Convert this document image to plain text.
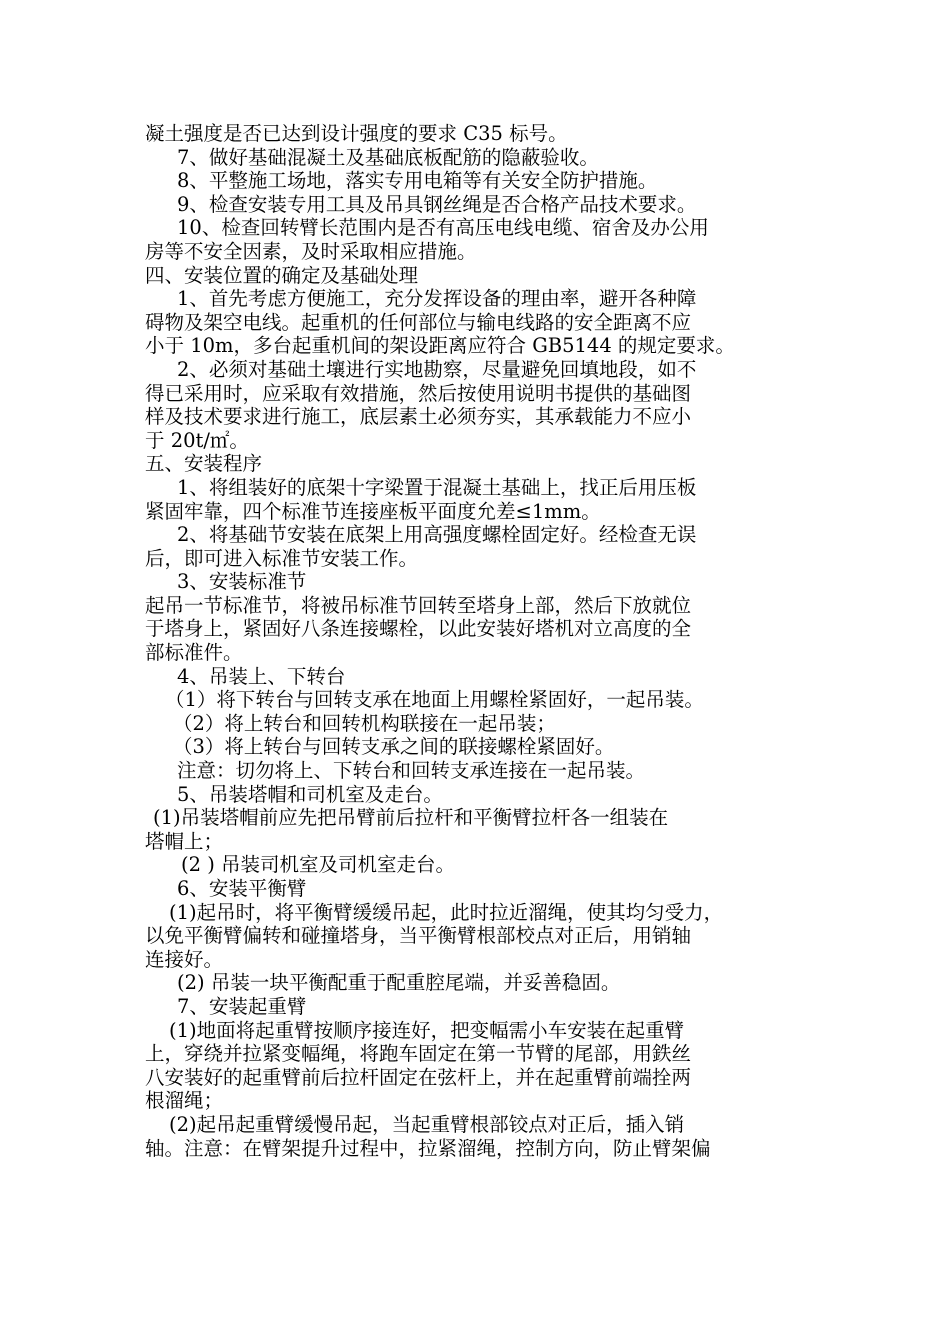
凝土强度是否已达到设计强度的要求 C35 标号。
7、做好基础混凝土及基础底板配筋的隐蔽验收。
8、平整施工场地，落实专用电箱等有关安全防护措施。
9、检查安装专用工具及吊具钢丝绳是否合格产品技术要求。
10、检查回转臂长范围内是否有高压电线电缆、宿舍及办公用
房等不安全因素，及时采取相应措施。
四、安装位置的确定及基础处理
1、首先考虑方便施工，充分发挥设备的理由率，避开各种障
碍物及架空电线。起重机的任何部位与输电线路的安全距离不应
小于 10m，多台起重机间的架设距离应符合 GB5144 的规定要求。
2、必须对基础土壤进行实地勘察，尽量避免回填地段，如不
得已采用时，应采取有效措施，然后按使用说明书提供的基础图
样及技术要求进行施工，底层素土必须夯实，其承载能力不应小
于 20t/㎡。
五、安装程序
1、将组装好的底架十字梁置于混凝土基础上，找正后用压板
紧固牢靠，四个标准节连接座板平面度允差≤1mm。
2、将基础节安装在底架上用高强度螺栓固定好。经检查无误
后，即可进入标准节安装工作。
3、安装标准节
起吊一节标准节，将被吊标准节回转至塔身上部，然后下放就位
于塔身上，紧固好八条连接螺栓，以此安装好塔机对立高度的全
部标准件。
4、吊装上、下转台
（1）将下转台与回转支承在地面上用螺栓紧固好，一起吊装。
（2）将上转台和回转机构联接在一起吊装；
（3）将上转台与回转支承之间的联接螺栓紧固好。
注意：切勿将上、下转台和回转支承连接在一起吊装。
5、吊装塔帽和司机室及走台。
(1)吊装塔帽前应先把吊臂前后拉杆和平衡臂拉杆各一组装在
塔帽上；
(2 ) 吊装司机室及司机室走台。
6、安装平衡臂
(1)起吊时，将平衡臂缓缓吊起，此时拉近溜绳，使其均匀受力，
以免平衡臂偏转和碰撞塔身，当平衡臂根部校点对正后，用销轴
连接好。
(2) 吊装一块平衡配重于配重腔尾端，并妥善稳固。
7、安装起重臂
(1)地面将起重臂按顺序接连好，把变幅需小车安装在起重臂
上，穿绕并拉紧变幅绳，将跑车固定在第一节臂的尾部，用鉄丝
八安装好的起重臂前后拉杆固定在弦杆上，并在起重臂前端拴两
根溜绳；
(2)起吊起重臂缓慢吊起，当起重臂根部铰点对正后，插入销
轴。注意：在臂架提升过程中，拉紧溜绳，控制方向，防止臂架偏
